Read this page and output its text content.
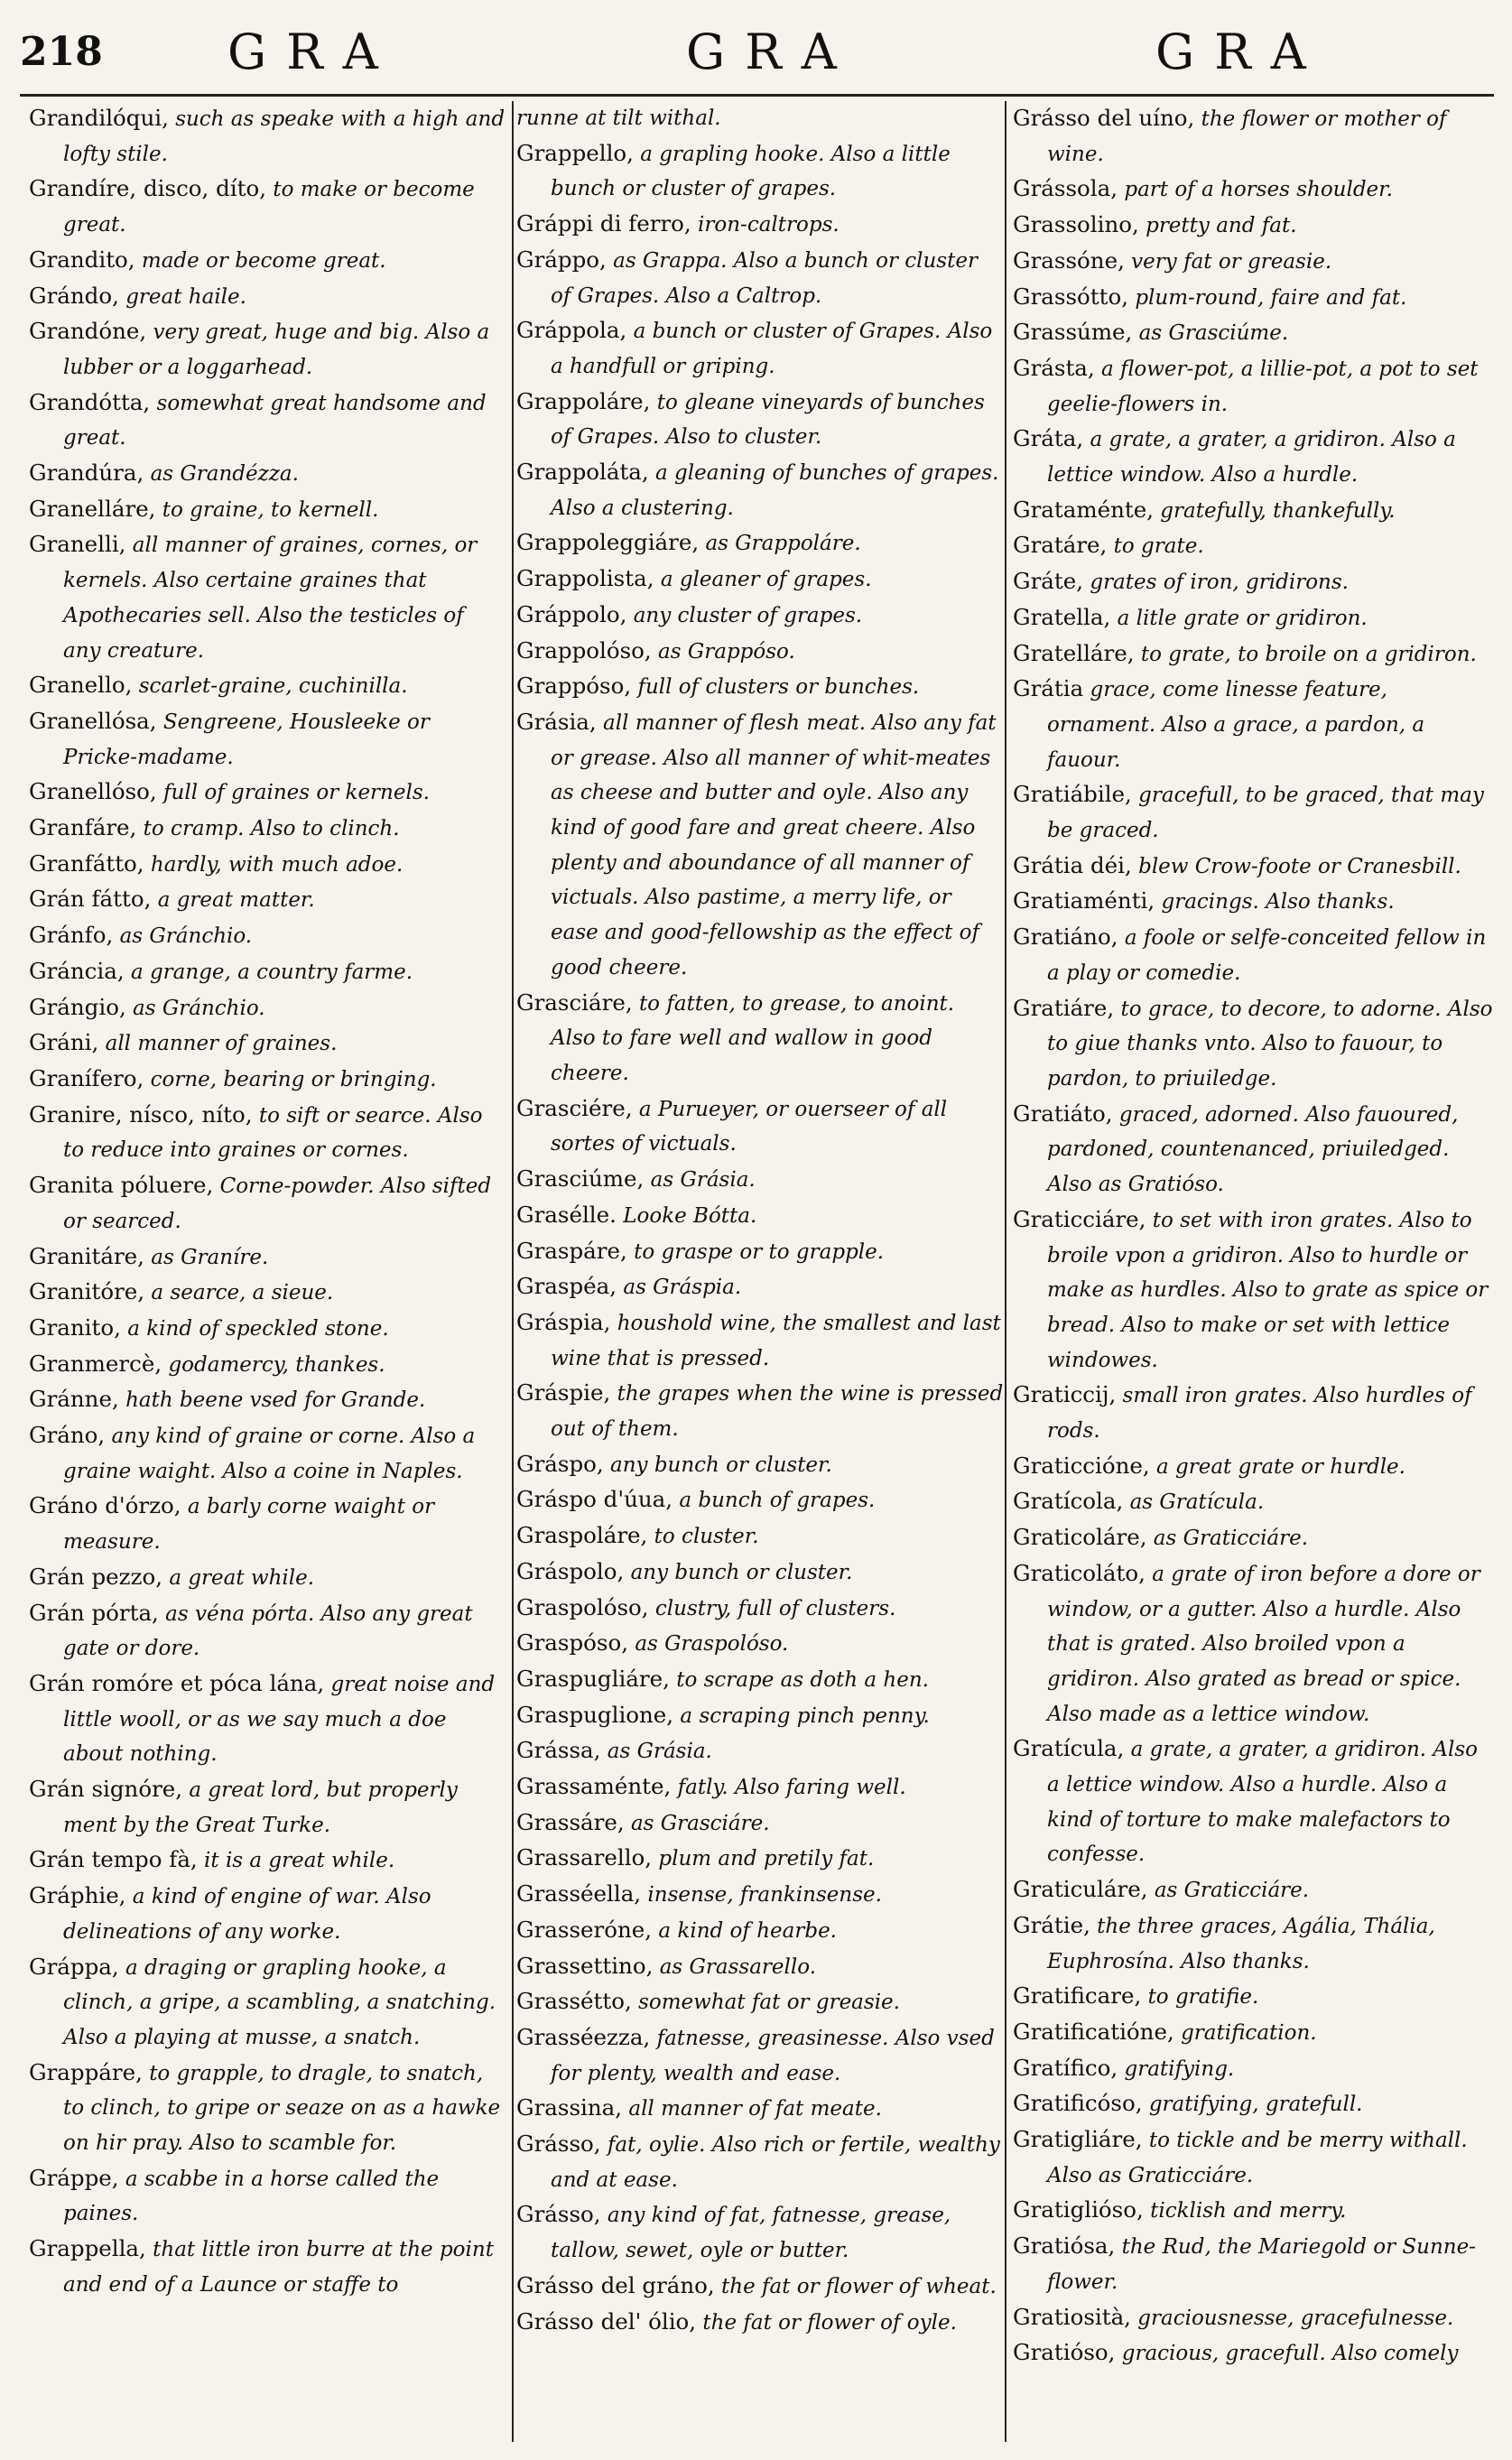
218	GRA	GRA	GRA

Grandilóqui, such as speake with a high and lofty stile.

Grandíre, disco, díto, to make or become great.

Grandito, made or become great.

Grándo, great haile.

Grandóne, very great, huge and big. Also a lubber or a loggarhead.

Grandótta, somewhat great handsome and great.

Grandúra, as Grandézza.

Granelláre, to graine, to kernell.

Granelli, all manner of graines, cornes, or kernels. Also certaine graines that Apothecaries sell. Also the testicles of any creature.

Granello, scarlet-graine, cuchinilla.

Granellósa, Sengreene, Housleeke or Pricke-madame.

Granellóso, full of graines or kernels.

Granfáre, to cramp. Also to clinch.

Granfátto, hardly, with much adoe.

Grán fátto, a great matter.

Gránfo, as Gránchio.

Gráncia, a grange, a country farme.

Grángio, as Gránchio.

Gráni, all manner of graines.

Granífero, corne, bearing or bringing.

Granire, nísco, níto, to sift or searce. Also to reduce into graines or cornes.

Granita póluere, Corne-powder. Also sifted or searced.

Granitáre, as Graníre.

Granitóre, a searce, a sieue.

Granito, a kind of speckled stone.

Granmercè, godamercy, thankes.

Gránne, hath beene vsed for Grande.

Gráno, any kind of graine or corne. Also a graine waight. Also a coine in Naples.

Gráno d'órzo, a barly corne waight or measure.

Grán pezzo, a great while.

Grán pórta, as véna pórta. Also any great gate or dore.

Grán romóre et póca lána, great noise and little wooll, or as we say much a doe about nothing.

Grán signóre, a great lord, but properly ment by the Great Turke.

Grán tempo fà, it is a great while.

Gráphie, a kind of engine of war. Also delineations of any worke.

Gráppa, a draging or grapling hooke, a clinch, a gripe, a scambling, a snatching. Also a playing at musse, a snatch.

Grappáre, to grapple, to dragle, to snatch, to clinch, to gripe or seaze on as a hawke on hir pray. Also to scamble for.

Gráppe, a scabbe in a horse called the paines.

Grappella, that little iron burre at the point and end of a Launce or staffe to

runne at tilt withal.

Grappello, a grapling hooke. Also a little bunch or cluster of grapes.

Gráppi di ferro, iron-caltrops.

Gráppo, as Grappa. Also a bunch or cluster of Grapes. Also a Caltrop.

Gráppola, a bunch or cluster of Grapes. Also a handfull or griping.

Grappoláre, to gleane vineyards of bunches of Grapes. Also to cluster.

Grappoláta, a gleaning of bunches of grapes. Also a clustering.

Grappoleggiáre, as Grappoláre.

Grappolista, a gleaner of grapes.

Gráppolo, any cluster of grapes.

Grappolóso, as Grappóso.

Grappóso, full of clusters or bunches.

Grásia, all manner of flesh meat. Also any fat or grease. Also all manner of whit-meates as cheese and butter and oyle. Also any kind of good fare and great cheere. Also plenty and aboundance of all manner of victuals. Also pastime, a merry life, or ease and good-fellowship as the effect of good cheere.

Grasciáre, to fatten, to grease, to anoint. Also to fare well and wallow in good cheere.

Grasciére, a Purueyer, or ouerseer of all sortes of victuals.

Grasciúme, as Grásia.

Grasélle. Looke Bótta.

Graspáre, to graspe or to grapple.

Graspéa, as Gráspia.

Gráspia, houshold wine, the smallest and last wine that is pressed.

Gráspie, the grapes when the wine is pressed out of them.

Gráspo, any bunch or cluster.

Gráspo d'úua, a bunch of grapes.

Graspoláre, to cluster.

Gráspolo, any bunch or cluster.

Graspolóso, clustry, full of clusters.

Graspóso, as Graspolóso.

Graspugliáre, to scrape as doth a hen.

Graspuglione, a scraping pinch penny.

Grássa, as Grásia.

Grassaménte, fatly. Also faring well.

Grassáre, as Grasciáre.

Grassarello, plum and pretily fat.

Grasséella, insense, frankinsense.

Grasseróne, a kind of hearbe.

Grassettino, as Grassarello.

Grassétto, somewhat fat or greasie.

Grasséezza, fatnesse, greasinesse. Also vsed for plenty, wealth and ease.

Grassina, all manner of fat meate.

Grásso, fat, oylie. Also rich or fertile, wealthy and at ease.

Grásso, any kind of fat, fatnesse, grease, tallow, sewet, oyle or butter.

Grásso del gráno, the fat or flower of wheat.

Grásso del' ólio, the fat or flower of oyle.

Grásso del uíno, the flower or mother of wine.

Grássola, part of a horses shoulder.

Grassolino, pretty and fat.

Grassóne, very fat or greasie.

Grassótto, plum-round, faire and fat.

Grassúme, as Grasciúme.

Grásta, a flower-pot, a lillie-pot, a pot to set geelie-flowers in.

Gráta, a grate, a grater, a gridiron. Also a lettice window. Also a hurdle.

Grataménte, gratefully, thankefully.

Gratáre, to grate.

Gráte, grates of iron, gridirons.

Gratella, a litle grate or gridiron.

Gratelláre, to grate, to broile on a gridiron.

Grátia grace, come linesse feature, ornament. Also a grace, a pardon, a fauour.

Gratiábile, gracefull, to be graced, that may be graced.

Grátia déi, blew Crow-foote or Cranesbill.

Gratiaménti, gracings. Also thanks.

Gratiáno, a foole or selfe-conceited fellow in a play or comedie.

Gratiáre, to grace, to decore, to adorne. Also to giue thanks vnto. Also to fauour, to pardon, to priuiledge.

Gratiáto, graced, adorned. Also fauoured, pardoned, countenanced, priuiledged. Also as Gratióso.

Graticciáre, to set with iron grates. Also to broile vpon a gridiron. Also to hurdle or make as hurdles. Also to grate as spice or bread. Also to make or set with lettice windowes.

Graticcij, small iron grates. Also hurdles of rods.

Graticcióne, a great grate or hurdle.

Gratícola, as Gratícula.

Graticoláre, as Graticciáre.

Graticoláto, a grate of iron before a dore or window, or a gutter. Also a hurdle. Also that is grated. Also broiled vpon a gridiron. Also grated as bread or spice. Also made as a lettice window.

Gratícula, a grate, a grater, a gridiron. Also a lettice window. Also a hurdle. Also a kind of torture to make malefactors to confesse.

Graticuláre, as Graticciáre.

Grátie, the three graces, Agália, Thália, Euphrosína. Also thanks.

Gratificare, to gratifie.

Gratificatióne, gratification.

Gratífico, gratifying.

Gratificóso, gratifying, gratefull.

Gratigliáre, to tickle and be merry withall. Also as Graticciáre.

Gratigliόso, ticklish and merry.

Gratiósa, the Rud, the Mariegold or Sunne-flower.

Gratiosità, graciousnesse, gracefulnesse.

Gratióso, gracious, gracefull. Also comely
